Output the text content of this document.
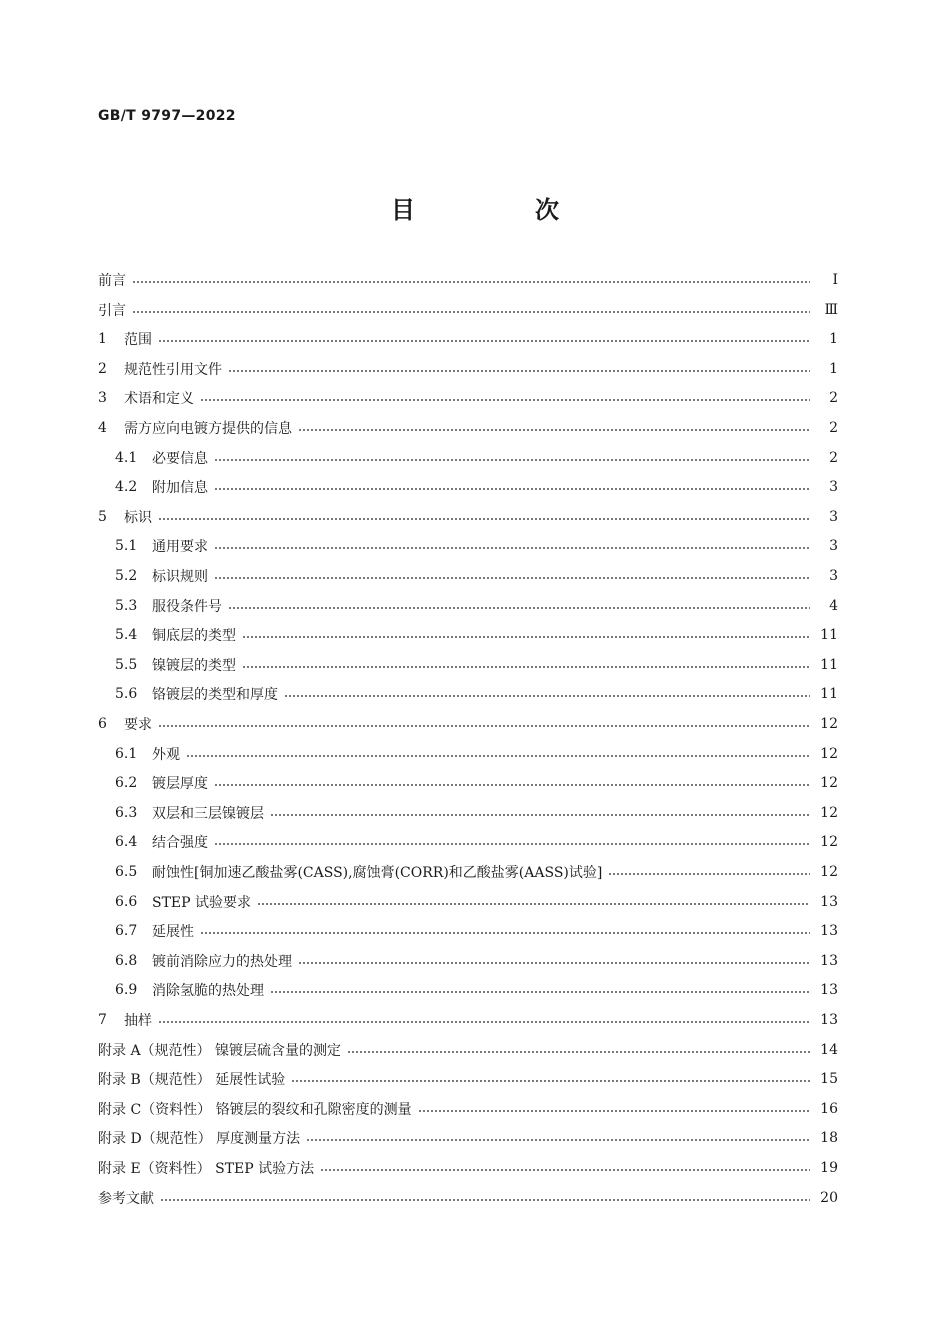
GB/T 9797—2022
目　次
前言	Ⅰ
引言	Ⅲ
1	范围	1
2	规范性引用文件	1
3	术语和定义	2
4	需方应向电镀方提供的信息	2
4.1	必要信息	2
4.2	附加信息	3
5	标识	3
5.1	通用要求	3
5.2	标识规则	3
5.3	服役条件号	4
5.4	铜底层的类型	11
5.5	镍镀层的类型	11
5.6	铬镀层的类型和厚度	11
6	要求	12
6.1	外观	12
6.2	镀层厚度	12
6.3	双层和三层镍镀层	12
6.4	结合强度	12
6.5	耐蚀性[铜加速乙酸盐雾(CASS),腐蚀膏(CORR)和乙酸盐雾(AASS)试验]	12
6.6	STEP 试验要求	13
6.7	延展性	13
6.8	镀前消除应力的热处理	13
6.9	消除氢脆的热处理	13
7	抽样	13
附录 A（规范性） 镍镀层硫含量的测定	14
附录 B（规范性） 延展性试验	15
附录 C（资料性） 铬镀层的裂纹和孔隙密度的测量	16
附录 D（规范性） 厚度测量方法	18
附录 E（资料性） STEP 试验方法	19
参考文献	20
